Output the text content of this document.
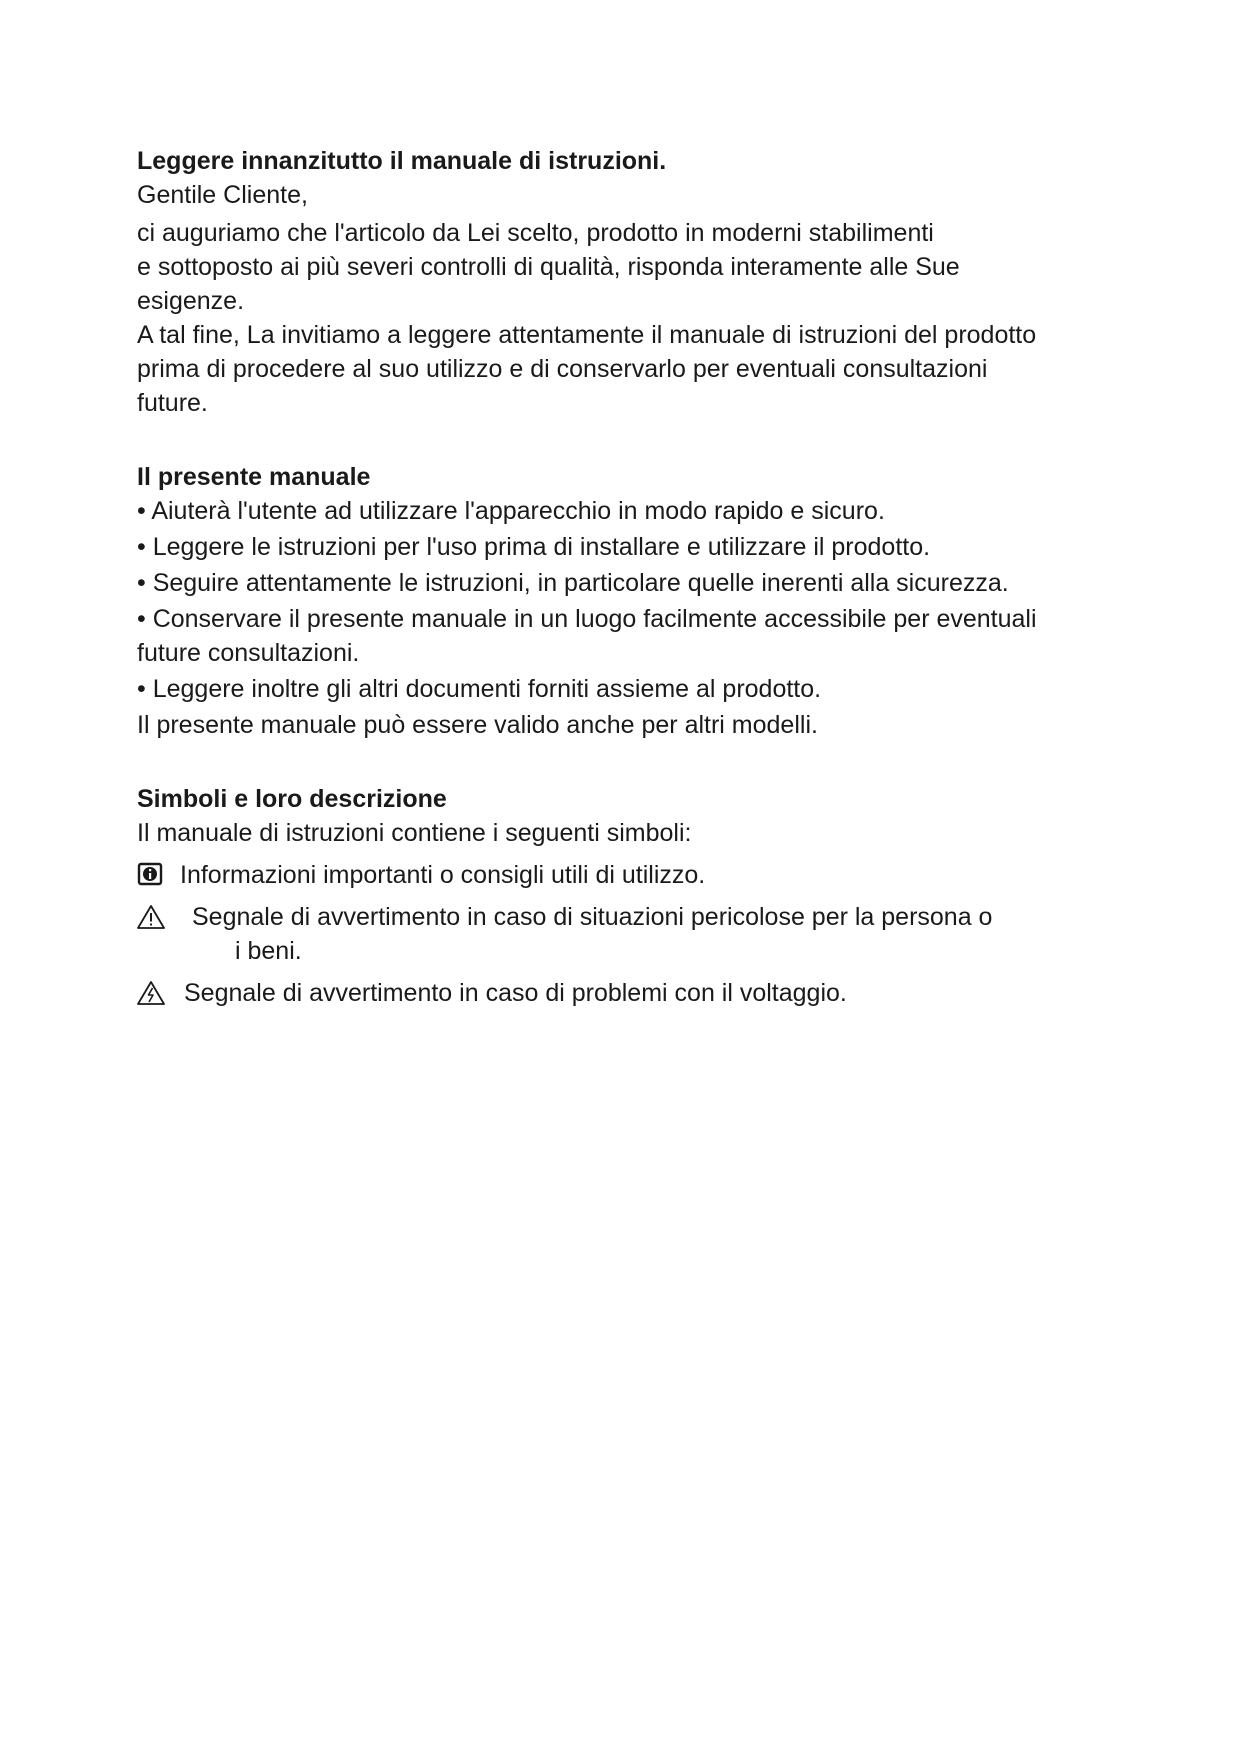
Leggere innanzitutto il manuale di istruzioni.

Gentile Cliente,

ci auguriamo che l'articolo da Lei scelto, prodotto in moderni stabilimenti

e sottoposto ai più severi controlli di qualità, risponda interamente alle Sue

esigenze.

A tal fine, La invitiamo a leggere attentamente il manuale di istruzioni del prodotto

prima di procedere al suo utilizzo e di conservarlo per eventuali consultazioni

future.

Il presente manuale

• Aiuterà l'utente ad utilizzare l'apparecchio in modo rapido e sicuro.

• Leggere le istruzioni per l'uso prima di installare e utilizzare il prodotto.

• Seguire attentamente le istruzioni, in particolare quelle inerenti alla sicurezza.

• Conservare il presente manuale in un luogo facilmente accessibile per eventuali

future consultazioni.

• Leggere inoltre gli altri documenti forniti assieme al prodotto.

Il presente manuale può essere valido anche per altri modelli.

Simboli e loro descrizione

Il manuale di istruzioni contiene i seguenti simboli:

Informazioni importanti o consigli utili di utilizzo.
Segnale di avvertimento in caso di situazioni pericolose per la persona o
i beni.
Segnale di avvertimento in caso di problemi con il voltaggio.
